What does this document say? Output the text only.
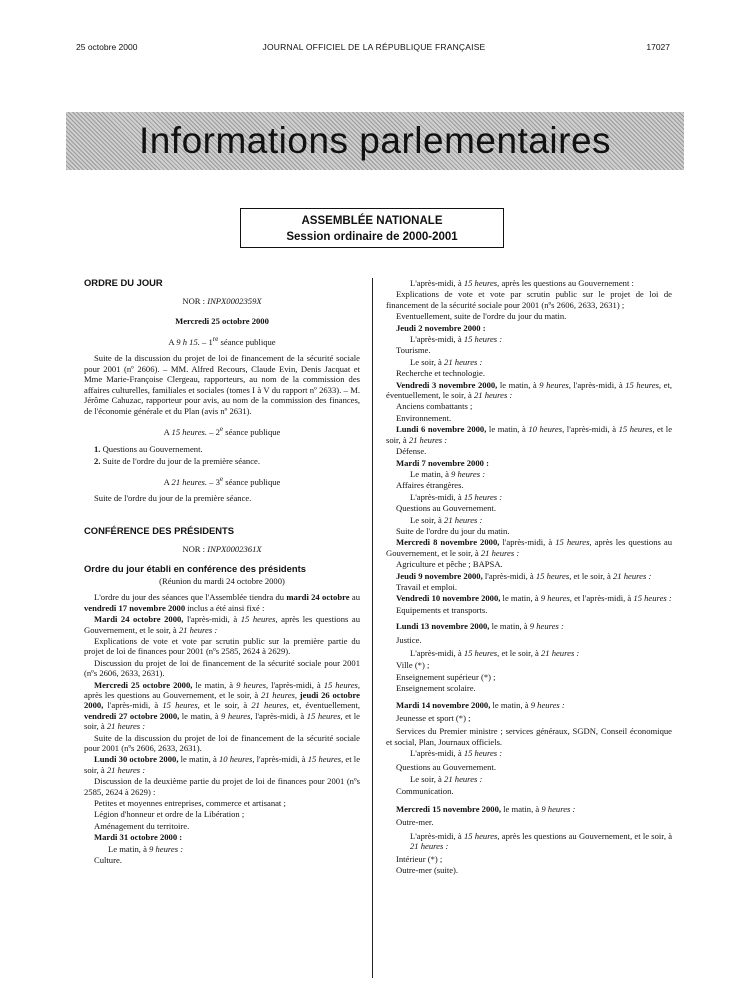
25 octobre 2000	JOURNAL OFFICIEL DE LA RÉPUBLIQUE FRANÇAISE	17027
Informations parlementaires
ASSEMBLÉE NATIONALE
Session ordinaire de 2000-2001

ORDRE DU JOUR

NOR : INPX0002359X

Mercredi 25 octobre 2000

A 9 h 15. – 1re séance publique

Suite de la discussion du projet de loi de financement de la sécurité sociale pour 2001 (nº 2606). – MM. Alfred Recours, Claude Evin, Denis Jacquat et Mme Marie-Françoise Clergeau, rapporteurs, au nom de la commission des affaires culturelles, familiales et sociales (tomes I à V du rapport nº 2633). – M. Jérôme Cahuzac, rapporteur pour avis, au nom de la commission des finances, de l'économie générale et du Plan (avis nº 2631).

A 15 heures. – 2e séance publique

1. Questions au Gouvernement.

2. Suite de l'ordre du jour de la première séance.

A 21 heures. – 3e séance publique

Suite de l'ordre du jour de la première séance.

CONFÉRENCE DES PRÉSIDENTS

NOR : INPX0002361X

Ordre du jour établi en conférence des présidents

(Réunion du mardi 24 octobre 2000)

L'ordre du jour des séances que l'Assemblée tiendra du mardi 24 octobre au vendredi 17 novembre 2000 inclus a été ainsi fixé :

Mardi 24 octobre 2000, l'après-midi, à 15 heures, après les questions au Gouvernement, et le soir, à 21 heures :

Explications de vote et vote par scrutin public sur la première partie du projet de loi de finances pour 2001 (nºs 2585, 2624 à 2629).

Discussion du projet de loi de financement de la sécurité sociale pour 2001 (nºs 2606, 2633, 2631).

Mercredi 25 octobre 2000, le matin, à 9 heures, l'après-midi, à 15 heures, après les questions au Gouvernement, et le soir, à 21 heures, jeudi 26 octobre 2000, l'après-midi, à 15 heures, et le soir, à 21 heures, et, éventuellement, vendredi 27 octobre 2000, le matin, à 9 heures, l'après-midi, à 15 heures, et le soir, à 21 heures :

Suite de la discussion du projet de loi de financement de la sécurité sociale pour 2001 (nºs 2606, 2633, 2631).

Lundi 30 octobre 2000, le matin, à 10 heures, l'après-midi, à 15 heures, et le soir, à 21 heures :

Discussion de la deuxième partie du projet de loi de finances pour 2001 (nºs 2585, 2624 à 2629) :

Petites et moyennes entreprises, commerce et artisanat ;

Légion d'honneur et ordre de la Libération ;

Aménagement du territoire.

Mardi 31 octobre 2000 :

Le matin, à 9 heures :

Culture.

L'après-midi, à 15 heures, après les questions au Gouvernement :

Explications de vote et vote par scrutin public sur le projet de loi de financement de la sécurité sociale pour 2001 (nºs 2606, 2633, 2631) ;

Eventuellement, suite de l'ordre du jour du matin.

Jeudi 2 novembre 2000 :

L'après-midi, à 15 heures :

Tourisme.

Le soir, à 21 heures :

Recherche et technologie.

Vendredi 3 novembre 2000, le matin, à 9 heures, l'après-midi, à 15 heures, et, éventuellement, le soir, à 21 heures :

Anciens combattants ;

Environnement.

Lundi 6 novembre 2000, le matin, à 10 heures, l'après-midi, à 15 heures, et le soir, à 21 heures :

Défense.

Mardi 7 novembre 2000 :

Le matin, à 9 heures :

Affaires étrangères.

L'après-midi, à 15 heures :

Questions au Gouvernement.

Le soir, à 21 heures :

Suite de l'ordre du jour du matin.

Mercredi 8 novembre 2000, l'après-midi, à 15 heures, après les questions au Gouvernement, et le soir, à 21 heures :

Agriculture et pêche ; BAPSA.

Jeudi 9 novembre 2000, l'après-midi, à 15 heures, et le soir, à 21 heures :

Travail et emploi.

Vendredi 10 novembre 2000, le matin, à 9 heures, et l'après-midi, à 15 heures :

Equipements et transports.

Lundi 13 novembre 2000, le matin, à 9 heures :

Justice.

L'après-midi, à 15 heures, et le soir, à 21 heures :

Ville (*) ;

Enseignement supérieur (*) ;

Enseignement scolaire.

Mardi 14 novembre 2000, le matin, à 9 heures :

Jeunesse et sport (*) ;

Services du Premier ministre ; services généraux, SGDN, Conseil économique et social, Plan, Journaux officiels.

L'après-midi, à 15 heures :

Questions au Gouvernement.

Le soir, à 21 heures :

Communication.

Mercredi 15 novembre 2000, le matin, à 9 heures :

Outre-mer.

L'après-midi, à 15 heures, après les questions au Gouvernement, et le soir, à 21 heures :

Intérieur (*) ;

Outre-mer (suite).
